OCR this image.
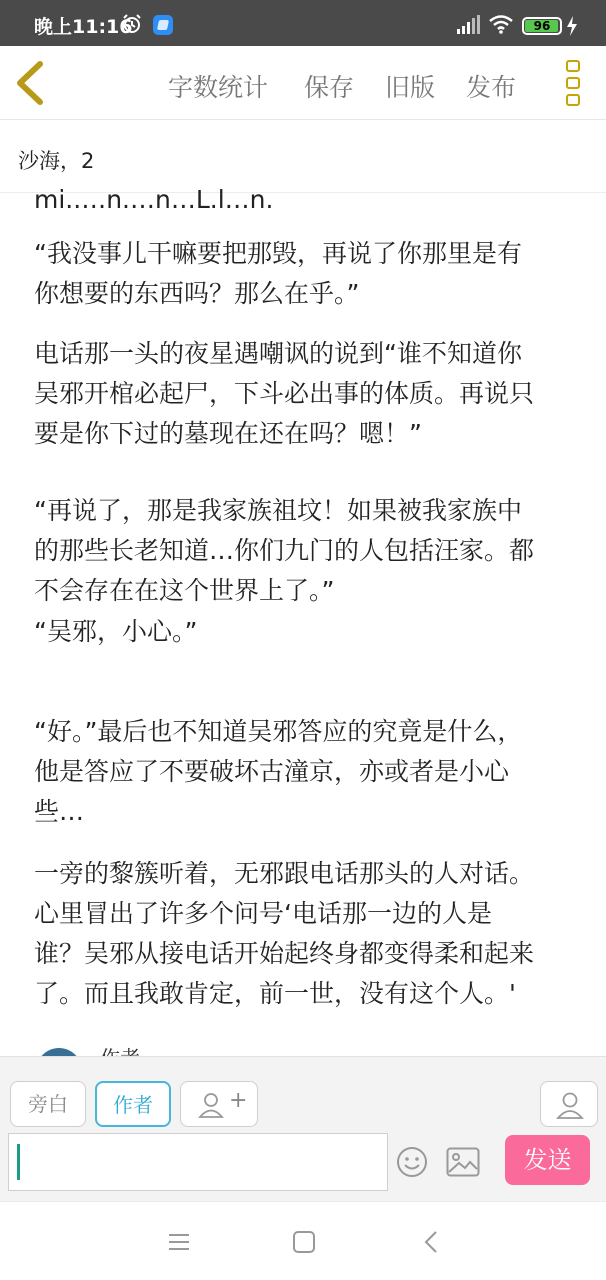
晚上11:16	96
字数统计 保存 旧版 发布
沙海，2
mi..…n.…n…L.l…n.
“我没事儿干嘛要把那毁，再说了你那里是有
你想要的东西吗？那么在乎。”
电话那一头的夜星遇嘲讽的说到“谁不知道你
吴邪开棺必起尸，下斗必出事的体质。再说只
要是你下过的墓现在还在吗？嗯！”
“再说了，那是我家族祖坟！如果被我家族中
的那些长老知道…你们九门的人包括汪家。都
不会存在在这个世界上了。”
“吴邪，小心。”
“好。”最后也不知道吴邪答应的究竟是什么，
他是答应了不要破坏古潼京，亦或者是小心
些…
一旁的黎簇听着，无邪跟电话那头的人对话。
心里冒出了许多个问号‘电话那一边的人是
谁？吴邪从接电话开始起终身都变得柔和起来
了。而且我敢肯定，前一世，没有这个人。'
旁白	作者	+
发送
